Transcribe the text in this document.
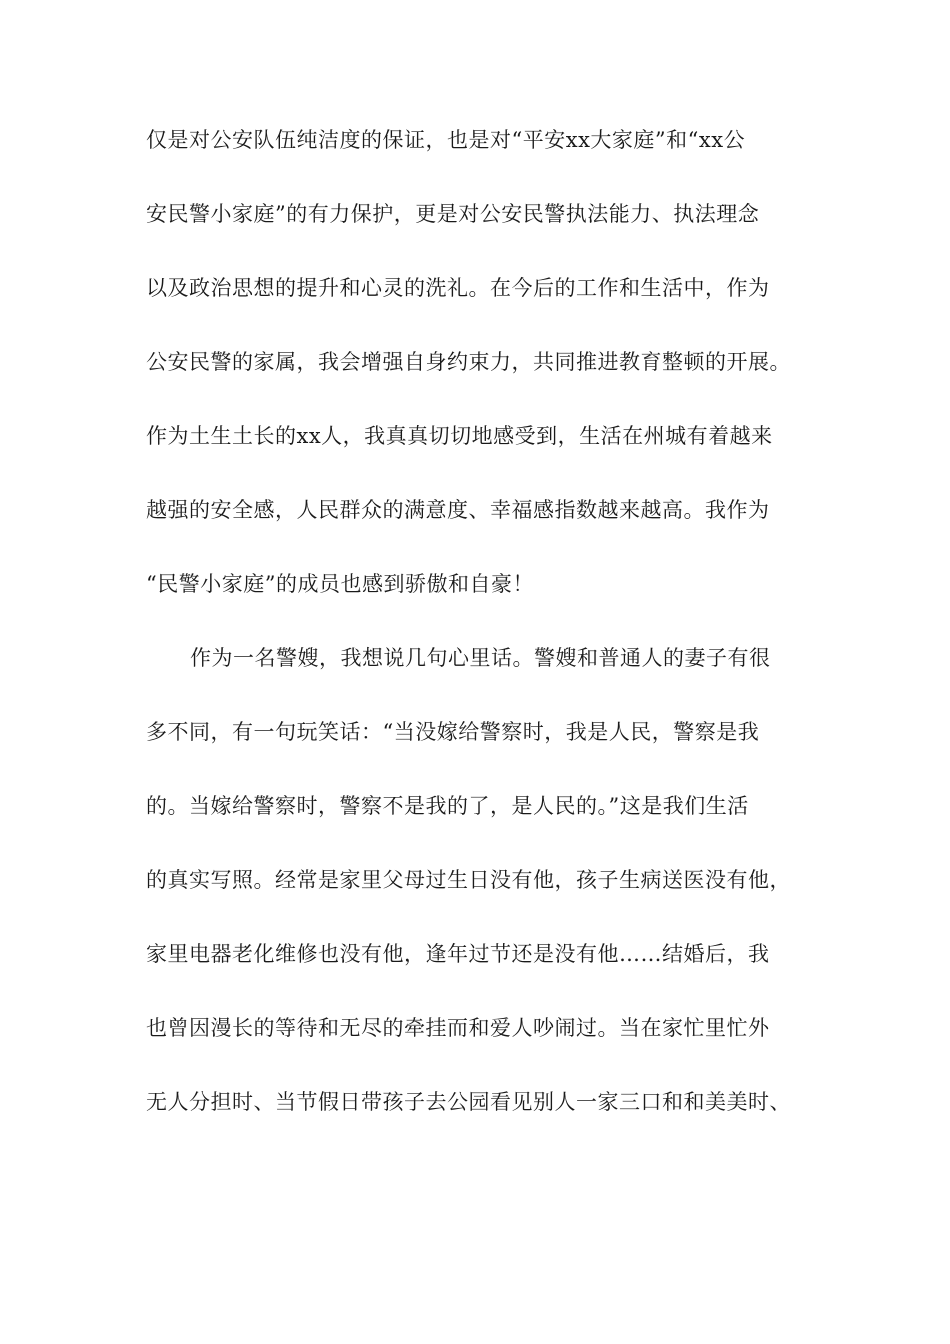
仅是对公安队伍纯洁度的保证，也是对“平安xx大家庭”和“xx公
安民警小家庭”的有力保护，更是对公安民警执法能力、执法理念
以及政治思想的提升和心灵的洗礼。在今后的工作和生活中，作为
公安民警的家属，我会增强自身约束力，共同推进教育整顿的开展。
作为土生土长的xx人，我真真切切地感受到，生活在州城有着越来
越强的安全感，人民群众的满意度、幸福感指数越来越高。我作为
“民警小家庭”的成员也感到骄傲和自豪！
作为一名警嫂，我想说几句心里话。警嫂和普通人的妻子有很
多不同，有一句玩笑话：“当没嫁给警察时，我是人民，警察是我
的。当嫁给警察时，警察不是我的了，是人民的。”这是我们生活
的真实写照。经常是家里父母过生日没有他，孩子生病送医没有他，
家里电器老化维修也没有他，逢年过节还是没有他……结婚后，我
也曾因漫长的等待和无尽的牵挂而和爱人吵闹过。当在家忙里忙外
无人分担时、当节假日带孩子去公园看见别人一家三口和和美美时、
